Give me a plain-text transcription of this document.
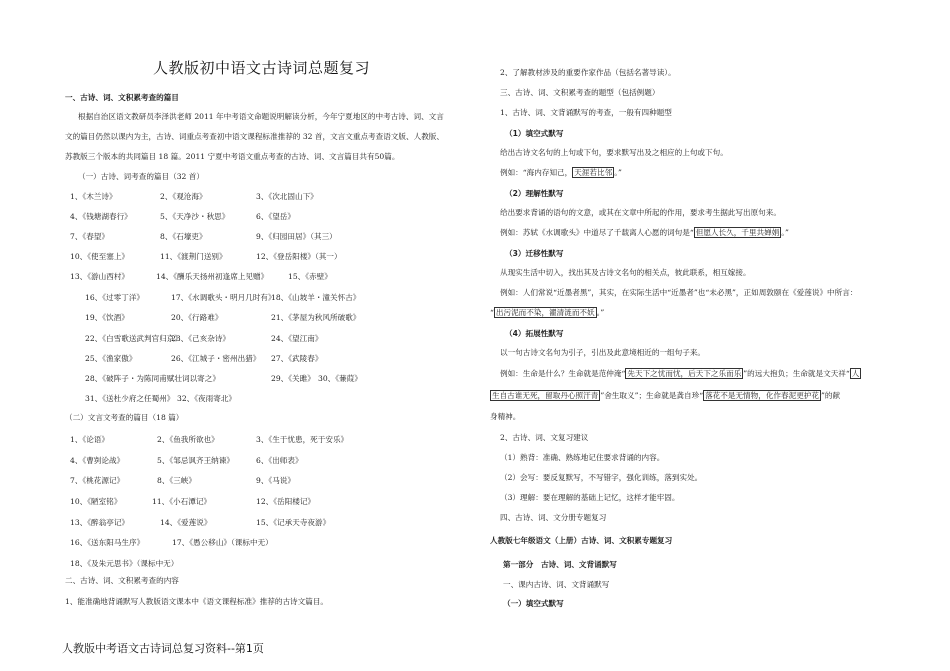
人教版初中语文古诗词总题复习
一、古诗、词、文积累考查的篇目
根据自治区语文教研员李泽洪老师 2011 年中考语文命题说明解读分析，今年宁夏地区的中考古诗、词、文言
文的篇目仍然以课内为主，古诗、词重点考查初中语文课程标准推荐的 32 首，文言文重点考查语文版、人教版、
苏教版三个版本的共同篇目 18 篇。2011 宁夏中考语文重点考查的古诗、词、文言篇目共有50篇。
（一）古诗、词考查的篇目（32 首）
1、《木兰诗》	2、《观沧海》	3、《次北固山下》
4、《钱塘湖春行》	5、《天净沙・秋思》	6、《望岳》
7、《春望》	8、《石壕吏》	9、《归园田居》（其三）
10、《使至塞上》	11、《渡荆门送别》	12、《登岳阳楼》（其一）
13、《游山西村》	14、《酬乐天扬州初逢席上见赠》	15、《赤壁》
16、《过零丁洋》	17、《水调歌头・明月几时有》
18、《山坡羊・潼关怀古》
19、《饮酒》	20、《行路难》	21、《茅屋为秋风所破歌》
22、《白雪歌送武判官归京》
23、《己亥杂诗》	24、《望江南》
25、《渔家傲》	26、《江城子・密州出猎》 27、《武陵春》
28、《破阵子・为陈同甫赋壮词以寄之》	29、《关雎》 30、《蒹葭》
31、《送杜少府之任蜀州》 32、《夜雨寄北》
（二）文言文考查的篇目（18 篇）
1、《论语》	2、《鱼我所欲也》	3、《生于忧患，死于安乐》
4、《曹刿论战》	5、《邹忌讽齐王纳谏》	6、《出师表》
7、《桃花源记》	8、《三峡》	9、《马说》
10、《陋室铭》	11、《小石潭记》	12、《岳阳楼记》
13、《醉翁亭记》	14、《爱莲说》	15、《记承天寺夜游》
16、《送东阳马生序》	17、《愚公移山》（课标中无）
18、《及朱元思书》（课标中无）
二、古诗、词、文积累考查的内容
1、能准确地背诵默写人教版语文课本中《语文课程标准》推荐的古诗文篇目。
2、了解教材涉及的重要作家作品（包括名著导读）。
三、古诗、词、文积累考查的题型（包括例题）
1、古诗、词、文背诵默写的考查，一般有四种题型
（1）填空式默写
给出古诗文名句的上句或下句，要求默写出及之相应的上句或下句。
例如：“海内存知己， 天涯若比邻 。”
（2）理解性默写
给出要求背诵的语句的文意，或其在文章中所起的作用，要求考生据此写出原句来。
例如：苏轼《水调歌头》中道尽了千载离人心愿的词句是“ 但愿人长久，千里共婵娟 。”
（3）迁移性默写
从现实生活中切入，找出其及古诗文名句的相关点，彼此联系，相互嫁接。
例如：人们常说“近墨者黑”，其实，在实际生活中“近墨者”也“未必黑”，正如周敦颐在《爱莲说》中所言：
“ 出污泥而不染，濯清涟而不妖 。”
（4）拓展性默写
以一句古诗文名句为引子，引出及此意境相近的一组句子来。
例如：生命是什么？生命就是范仲淹“ 先天下之忧而忧，后天下之乐而乐 ”的远大抱负；生命就是文天祥“ 人
生自古谁无死，留取丹心照汗青 ”舍生取义”；生命就是龚自珍“ 落花不是无情物，化作春泥更护花 ”的献
身精神。
2、古诗、词、文复习建议
（1）熟背：准确、熟练地记住要求背诵的内容。
（2）会写：要反复默写，不写错字，强化训练，落到实处。
（3）理解：要在理解的基础上记忆，这样才能牢固。
四、古诗、词、文分册专题复习
人教版七年级语文（上册）古诗、词、文积累专题复习
第一部分　古诗、词、文背诵默写
一、课内古诗、词、文背诵默写
（一）填空式默写
人教版中考语文古诗词总复习资料--第1页
